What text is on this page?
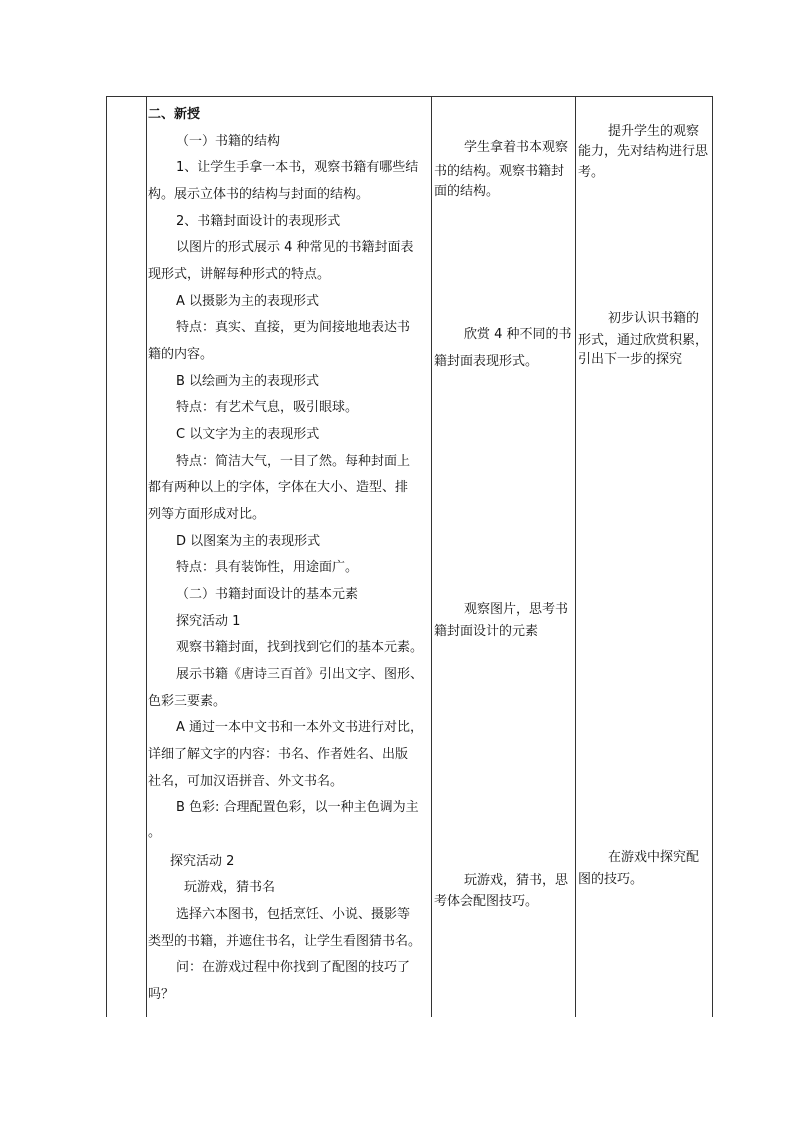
二、新授

（一）书籍的结构

1、让学生手拿一本书，观察书籍有哪些结

构。展示立体书的结构与封面的结构。

2、书籍封面设计的表现形式

以图片的形式展示 4 种常见的书籍封面表

现形式，讲解每种形式的特点。

A 以摄影为主的表现形式

特点：真实、直接，更为间接地地表达书

籍的内容。

B 以绘画为主的表现形式

特点：有艺术气息，吸引眼球。

C 以文字为主的表现形式

特点：简洁大气，一目了然。每种封面上

都有两种以上的字体，字体在大小、造型、排

列等方面形成对比。

D 以图案为主的表现形式

特点：具有装饰性，用途面广。

（二）书籍封面设计的基本元素

探究活动 1

观察书籍封面，找到找到它们的基本元素。

展示书籍《唐诗三百首》引出文字、图形、

色彩三要素。

A 通过一本中文书和一本外文书进行对比，

详细了解文字的内容：书名、作者姓名、出版

社名，可加汉语拼音、外文书名。

B 色彩: 合理配置色彩，以一种主色调为主

。

探究活动 2

玩游戏，猜书名

选择六本图书，包括烹饪、小说、摄影等

类型的书籍，并遮住书名，让学生看图猜书名。

问：在游戏过程中你找到了配图的技巧了

吗？

学生拿着书本观察

书的结构。观察书籍封

面的结构。

欣赏 4 种不同的书

籍封面表现形式。

观察图片，思考书

籍封面设计的元素

玩游戏，猜书，思

考体会配图技巧。

提升学生的观察

能力，先对结构进行思

考。

初步认识书籍的

形式，通过欣赏积累，

引出下一步的探究

在游戏中探究配

图的技巧。
